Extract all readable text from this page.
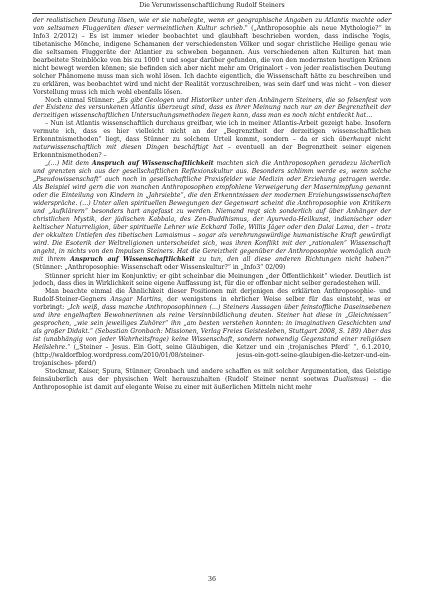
Die Verunwissenschaftlichung Rudolf Steiners

der realistischen Deutung lösen, wie er sie nahelegte, wenn er geographische Angaben zu Atlantis machte oder von seltsamen Fluggeräten dieser vermeintlichen Kultur schrieb." („Anthroposophie als neue Mythologie?“ in Info3 2/2012) – Es ist immer wieder beobachtet und glaubhaft beschrieben worden, dass indische Yogis, tibetanische Mönche, indigene Schamanen der verschiedensten Völker und sogar christliche Heilige genau wie die seltsamen Fluggeräte der Atlantier zu schweben begannen. Aus verschiedenen alten Kulturen hat man bearbeitete Steinblöcke von bis zu 1000 t und sogar darüber gefunden, die von den modernsten heutigen Kränen nicht bewegt werden können; sie befinden sich aber nicht mehr am Originalort – von jeder realistischen Deutung solcher Phänomene muss man sich wohl lösen. Ich dachte eigentlich, die Wissenschaft hätte zu beschreiben und zu erklären, was beobachtet wird und nicht der Realität vorzuschreiben, was sein darf und was nicht – von dieser Vorstellung muss ich mich wohl ebenfalls lösen.

Noch einmal Stünner: „Es gibt Geologen und Historiker unter den Anhängern Steiners, die so felsenfest von der Existenz des versunkenen Atlantis überzeugt sind, dass es ihrer Meinung nach nur an der Begrenztheit der derzeitigen wissenschaftlichen Untersuchungsmethoden liegen kann, dass man es noch nicht entdeckt hat…

– Nun ist Atlantis wissenschaftlich durchaus greifbar, wie ich in meiner Atlantis-Arbeit gezeigt habe. Insofern vermute ich, dass es hier vielleicht nicht an der „Begrenztheit der derzeitigen wissenschaftlichen Erkenntnismethoden“ liegt, dass Stünner zu solchem Urteil kommt, sondern – da er sich überhaupt nicht naturwissenschaftlich mit diesen Dingen beschäftigt hat – eventuell an der Begrenztheit seiner eigenen Erkenntnismethoden? –

„(…) Mit dem Anspruch auf Wissenschaftlichkeit machten sich die Anthroposophen geradezu lächerlich und grenzten sich aus der gesellschaftlichen Reflexionskultur aus. Besonders schlimm werde es, wenn solche „Pseudowissenschaft“ auch noch in gesellschaftliche Praxisfelder wie Medizin oder Erziehung getragen werde. Als Beispiel wird gern die von manchen Anthroposophen empfohlene Verweigerung der Masernimpfung genannt oder die Einteilung von Kindern in „Jahrsiebte“, die den Erkenntnissen der modernen Erziehungswissenschaften widerspräche. (…) Unter allen spirituellen Bewegungen der Gegenwart scheint die Anthroposophie von Kritikern und „Aufklärern“ besonders hart angefasst zu werden. Niemand regt sich sonderlich auf über Anhänger der christlichen Mystik, der jüdischen Kabbala, des Zen-Buddhismus, der Ayurveda-Heilkunst, indianischer oder keltischer Naturreligion, über spirituelle Lehrer wie Eckhard Tolle, Willis Jäger oder den Dalai Lama, der – trotz der okkulten Untiefen des tibetischen Lamaismus – sogar als verehrungswürdige humanistische Kraft gewürdigt wird. Die Esoterik der Weltreligionen unterscheidet sich, was ihren Konflikt mit der „rationalen“ Wissenschaft angeht, in nichts von den Impulsen Steiners. Hat die Gereiztheit gegenüber der Anthroposophie womöglich auch mit ihrem Anspruch auf Wissenschaftlichkeit zu tun, den all diese anderen Richtungen nicht haben?“ (Stünner: „Anthroposophie: Wissenschaft oder Wissenskultur?“ in „Info3“ 02/09)

Stünner spricht hier im Konjunktiv; er gibt scheinbar die Meinungen „der Öffentlichkeit“ wieder. Deutlich ist jedoch, dass dies in Wirklichkeit seine eigene Auffassung ist, für die er offenbar nicht selber geradestehen will.

Man beachte einmal die Ähnlichkeit dieser Positionen mit derjenigen des erklärten Anthroposophie- und Rudolf-Steiner-Gegners Ansgar Martins, der wenigstens in ehrlicher Weise selber für das einsteht, was er vorbringt: „Ich weiß, dass manche Anthroposophinnen (…) Steiners Aussagen über feinstoffliche Daseinsebenen und ihre engelhaften Bewohnerinnen als reine Versinnbildlichung deuten. Steiner hat diese in „Gleichnissen“ gesprochen, „wie sein jeweiliges Zuhörer“ ihn „am besten verstehen konnten: in imaginativen Geschichten und als großer Didakt.“ (Sebastian Gronbach: Missionen, Verlag Freies Geistesleben, Stuttgart 2008, S. 189) Aber das ist (unabhängig von jeder Wahrheitsfrage) keine Wissenschaft, sondern notwendig Gegenstand einer religiösen Heilslehre.“ („Steiner – Jesus. Ein Gott, seine Gläubigen, die Ketzer und ein ‚trojanisches Pferd‘ “, 6.1.2010, (http://waldorfblog.wordpress.com/2010/01/08/steiner- jesus-ein-gott-seine-glaubigen-die-ketzer-und-ein-trojanisches- pferd/)

Stockmar, Kaiser, Spura, Stünner, Gronbach und andere schaffen es mit solcher Argumentation, das Geistige feinsäuberlich aus der physischen Welt herauszuhalten (Rudolf Steiner nennt soetwas Dualismus) – die Anthroposophie ist damit auf elegante Weise zu einer mit äußerlichen Mitteln nicht mehr

36
